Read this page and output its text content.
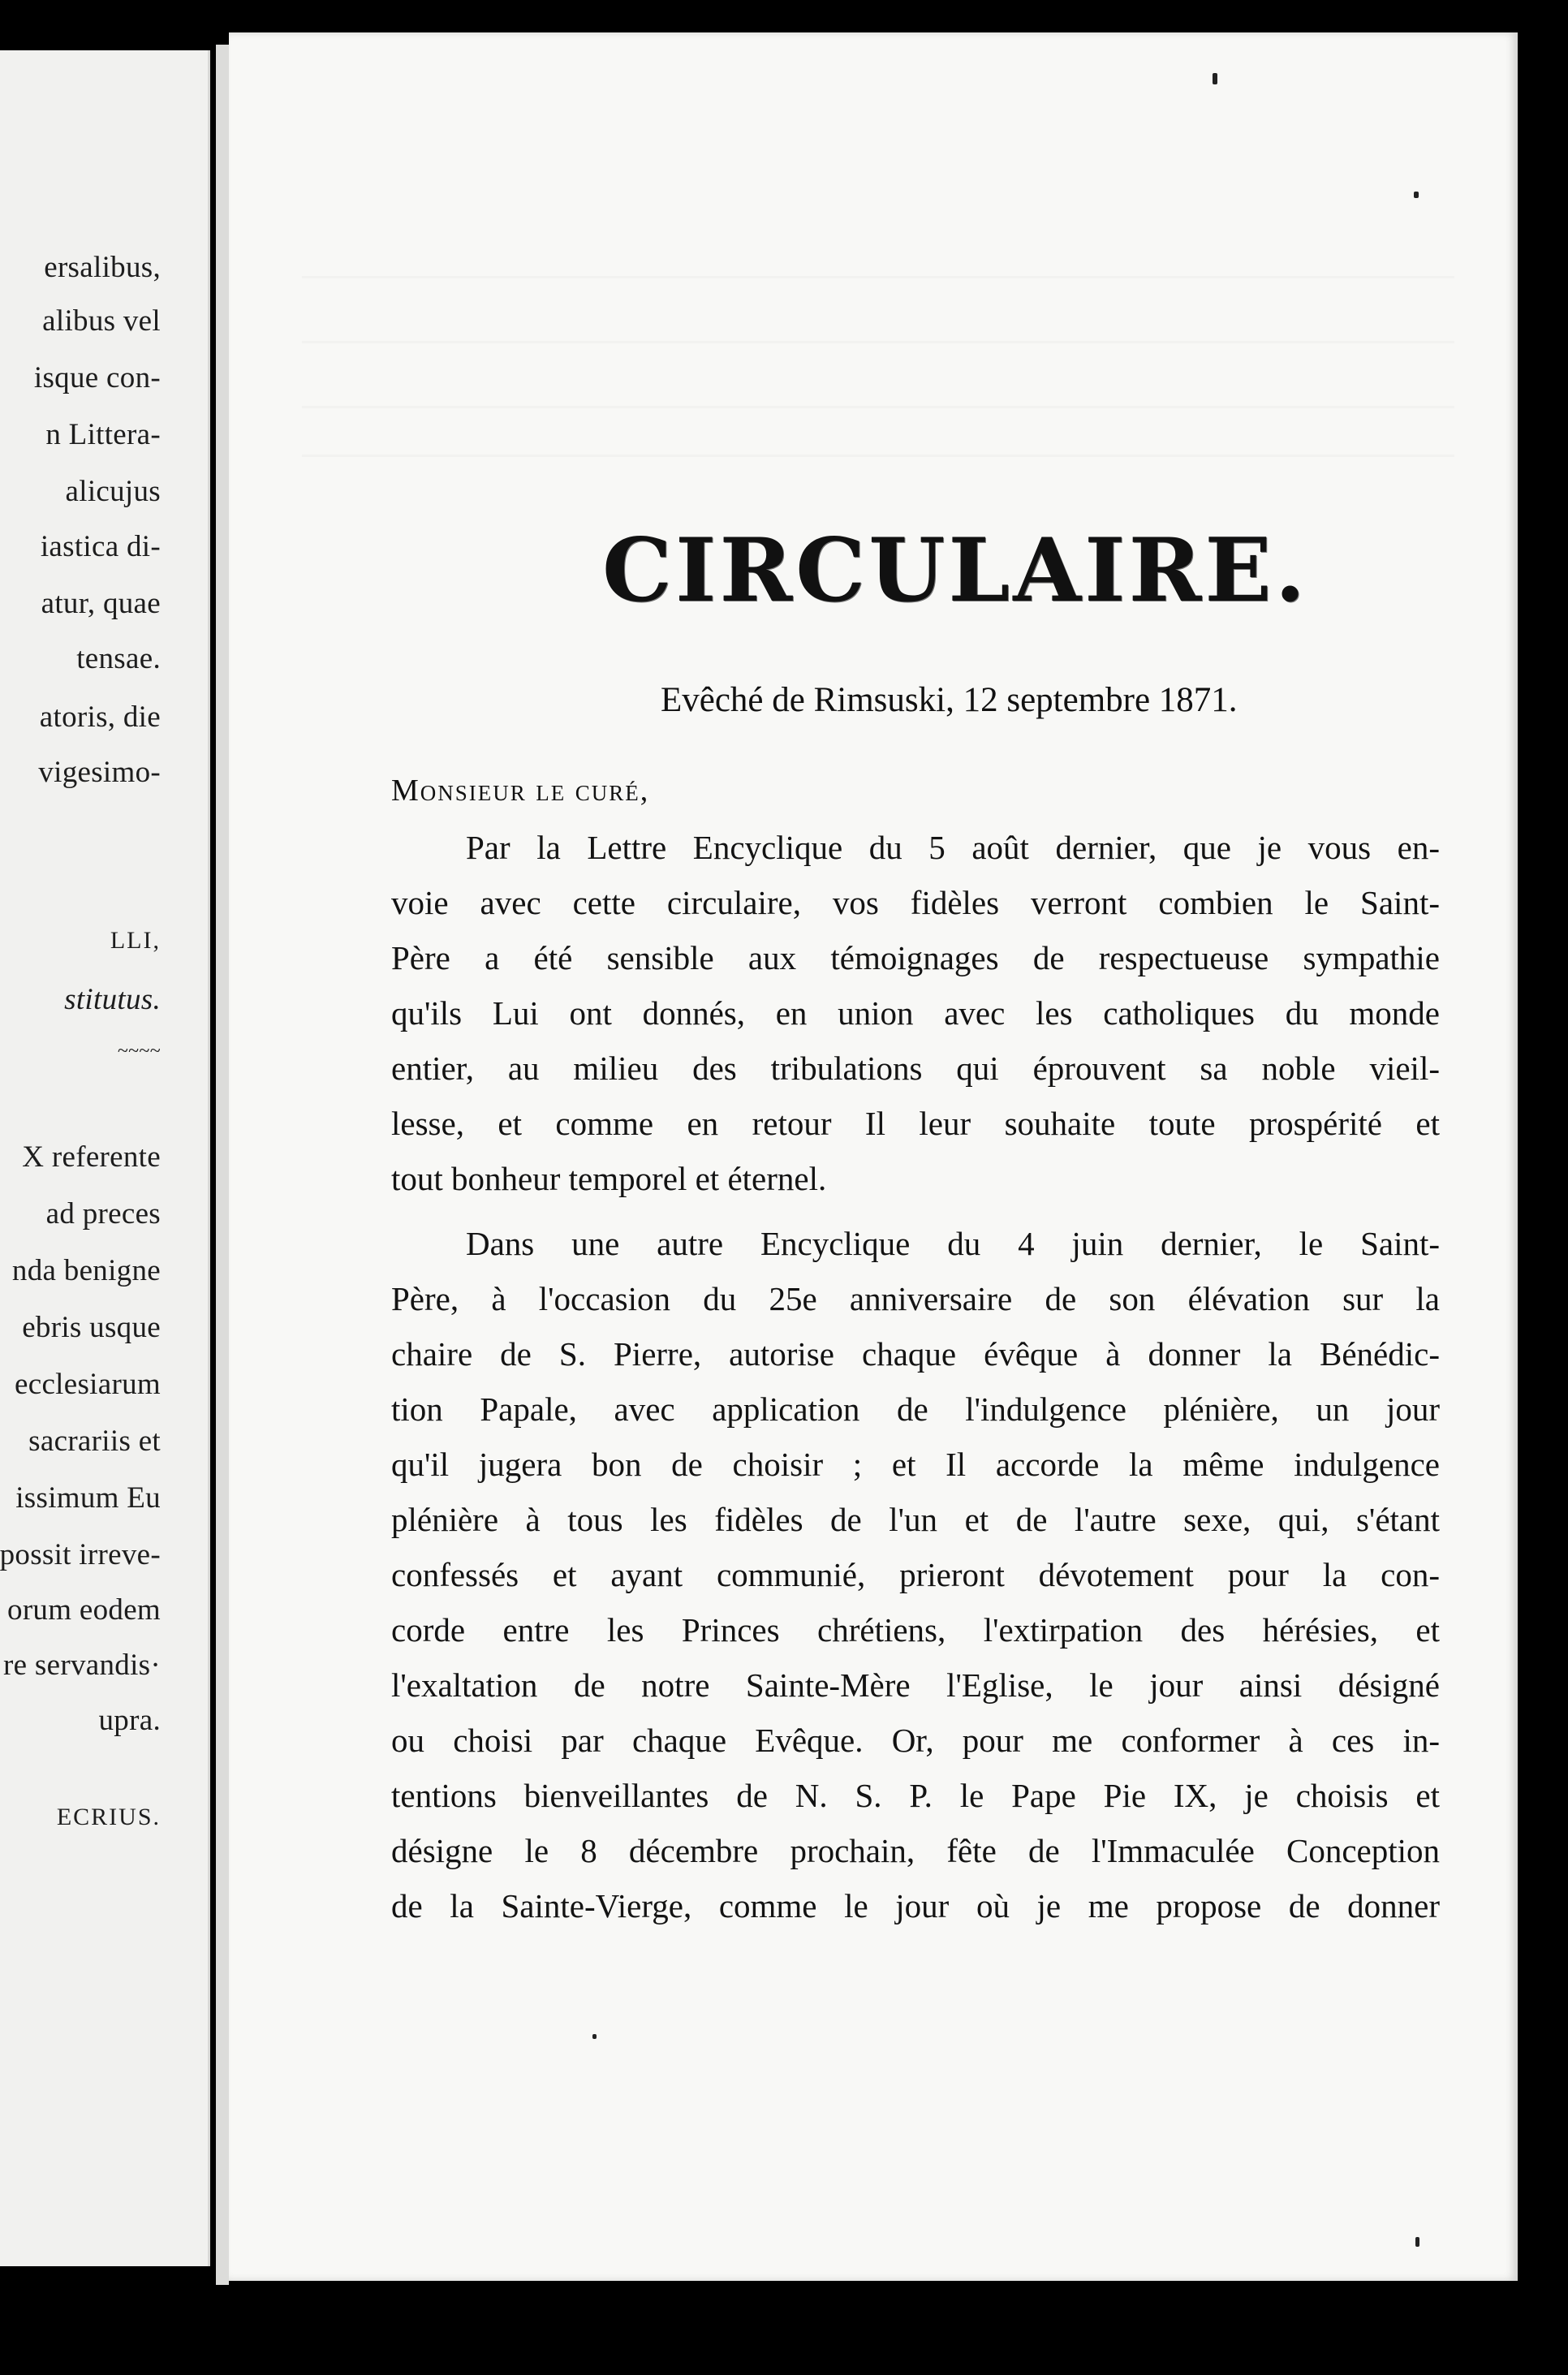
ersalibus,
alibus vel
isque con-
n Littera-
alicujus
iastica di-
atur, quae
tensae.
atoris, die
vigesimo-
LLI,
stitutus.
~~~~
X referente
ad preces
nda benigne
ebris usque
ecclesiarum
sacrariis et
issimum Eu
possit irreve-
orum eodem
re servandis·
upra.
ECRIUS.
CIRCULAIRE.
Evêché de Rimsuski, 12 septembre 1871.
Monsieur le curé,
Par la Lettre Encyclique du 5 août dernier, que je vous en-
voie avec cette circulaire, vos fidèles verront combien le Saint-
Père a été sensible aux témoignages de respectueuse sympathie
qu'ils Lui ont donnés, en union avec les catholiques du monde
entier, au milieu des tribulations qui éprouvent sa noble vieil-
lesse, et comme en retour Il leur souhaite toute prospérité et
tout bonheur temporel et éternel.
Dans une autre Encyclique du 4 juin dernier, le Saint-
Père, à l'occasion du 25e anniversaire de son élévation sur la
chaire de S. Pierre, autorise chaque évêque à donner la Bénédic-
tion Papale, avec application de l'indulgence plénière, un jour
qu'il jugera bon de choisir ; et Il accorde la même indulgence
plénière à tous les fidèles de l'un et de l'autre sexe, qui, s'étant
confessés et ayant communié, prieront dévotement pour la con-
corde entre les Princes chrétiens, l'extirpation des hérésies, et
l'exaltation de notre Sainte-Mère l'Eglise, le jour ainsi désigné
ou choisi par chaque Evêque. Or, pour me conformer à ces in-
tentions bienveillantes de N. S. P. le Pape Pie IX, je choisis et
désigne le 8 décembre prochain, fête de l'Immaculée Conception
de la Sainte-Vierge, comme le jour où je me propose de donner
